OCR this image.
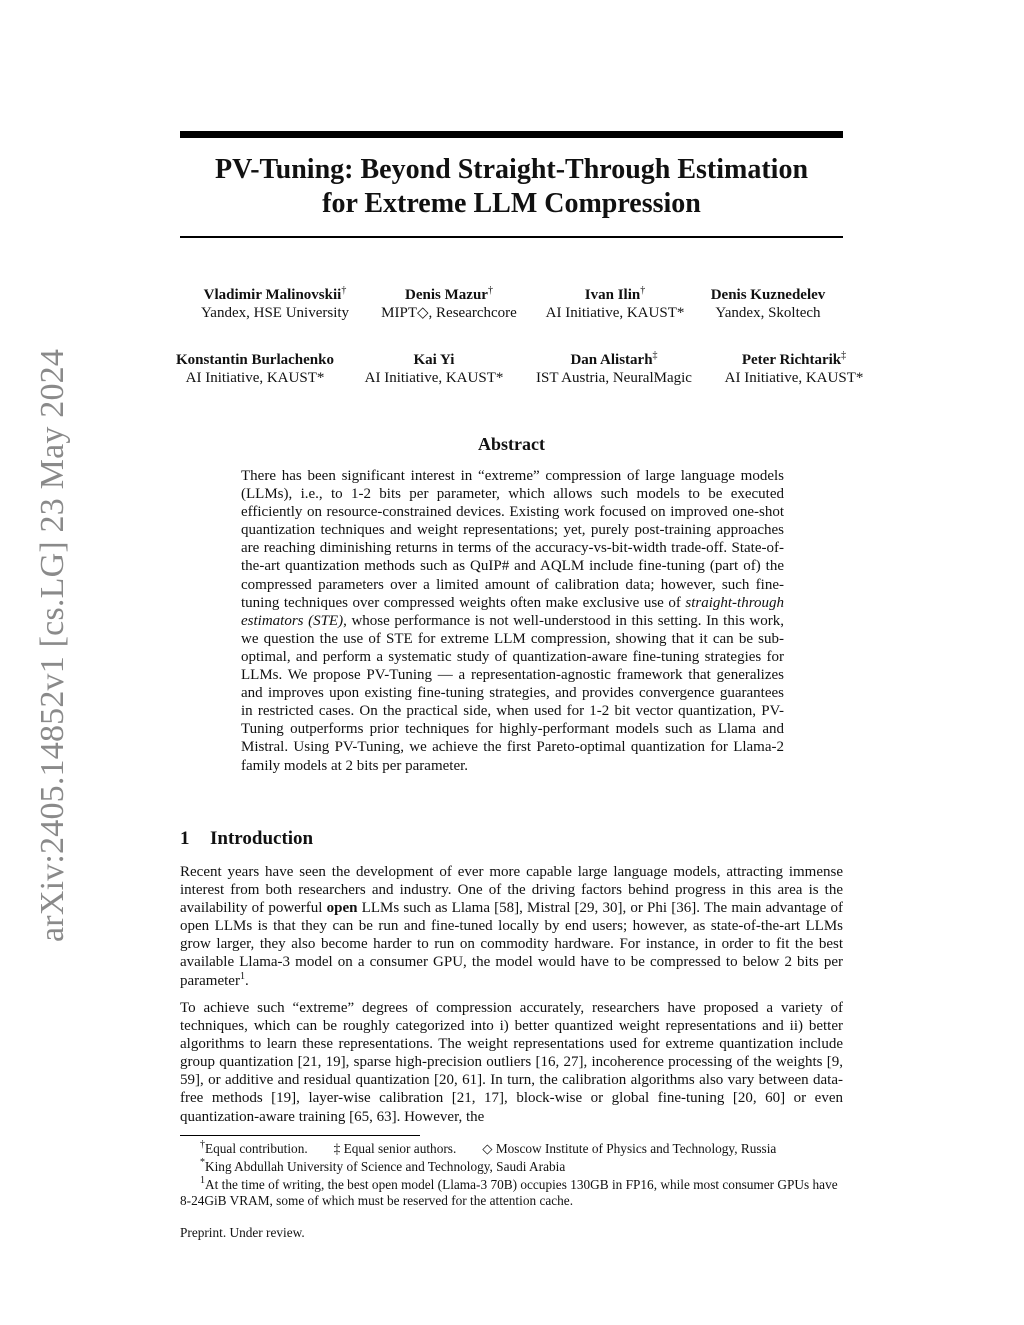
arXiv:2405.14852v1 [cs.LG] 23 May 2024
PV-Tuning: Beyond Straight-Through Estimation
for Extreme LLM Compression
Vladimir Malinovskii†
Yandex, HSE University
Denis Mazur†
MIPT◇, Researchcore
Ivan Ilin†
AI Initiative, KAUST*
Denis Kuznedelev
Yandex, Skoltech
Konstantin Burlachenko
AI Initiative, KAUST*
Kai Yi
AI Initiative, KAUST*
Dan Alistarh‡
IST Austria, NeuralMagic
Peter Richtarik‡
AI Initiative, KAUST*
Abstract
There has been significant interest in “extreme” compression of large language models (LLMs), i.e., to 1-2 bits per parameter, which allows such models to be executed efficiently on resource-constrained devices. Existing work focused on improved one-shot quantization techniques and weight representations; yet, purely post-training approaches are reaching diminishing returns in terms of the accuracy-vs-bit-width trade-off. State-of-the-art quantization methods such as QuIP# and AQLM include fine-tuning (part of) the compressed parameters over a limited amount of calibration data; however, such fine-tuning techniques over compressed weights often make exclusive use of straight-through estimators (STE), whose performance is not well-understood in this setting. In this work, we question the use of STE for extreme LLM compression, showing that it can be sub-optimal, and perform a systematic study of quantization-aware fine-tuning strategies for LLMs. We propose PV-Tuning — a representation-agnostic framework that generalizes and improves upon existing fine-tuning strategies, and provides convergence guarantees in restricted cases. On the practical side, when used for 1-2 bit vector quantization, PV-Tuning outperforms prior techniques for highly-performant models such as Llama and Mistral. Using PV-Tuning, we achieve the first Pareto-optimal quantization for Llama-2 family models at 2 bits per parameter.
1 Introduction
Recent years have seen the development of ever more capable large language models, attracting immense interest from both researchers and industry. One of the driving factors behind progress in this area is the availability of powerful open LLMs such as Llama [58], Mistral [29, 30], or Phi [36]. The main advantage of open LLMs is that they can be run and fine-tuned locally by end users; however, as state-of-the-art LLMs grow larger, they also become harder to run on commodity hardware. For instance, in order to fit the best available Llama-3 model on a consumer GPU, the model would have to be compressed to below 2 bits per parameter$^1$.
To achieve such “extreme” degrees of compression accurately, researchers have proposed a variety of techniques, which can be roughly categorized into i) better quantized weight representations and ii) better algorithms to learn these representations. The weight representations used for extreme quantization include group quantization [21, 19], sparse high-precision outliers [16, 27], incoherence processing of the weights [9, 59], or additive and residual quantization [20, 61]. In turn, the calibration algorithms also vary between data-free methods [19], layer-wise calibration [21, 17], block-wise or global fine-tuning [20, 60] or even quantization-aware training [65, 63]. However, the
†Equal contribution. ‡ Equal senior authors. ◇ Moscow Institute of Physics and Technology, Russia
*King Abdullah University of Science and Technology, Saudi Arabia
$^1$At the time of writing, the best open model (Llama-3 70B) occupies 130GB in FP16, while most consumer GPUs have 8-24GiB VRAM, some of which must be reserved for the attention cache.
Preprint. Under review.
